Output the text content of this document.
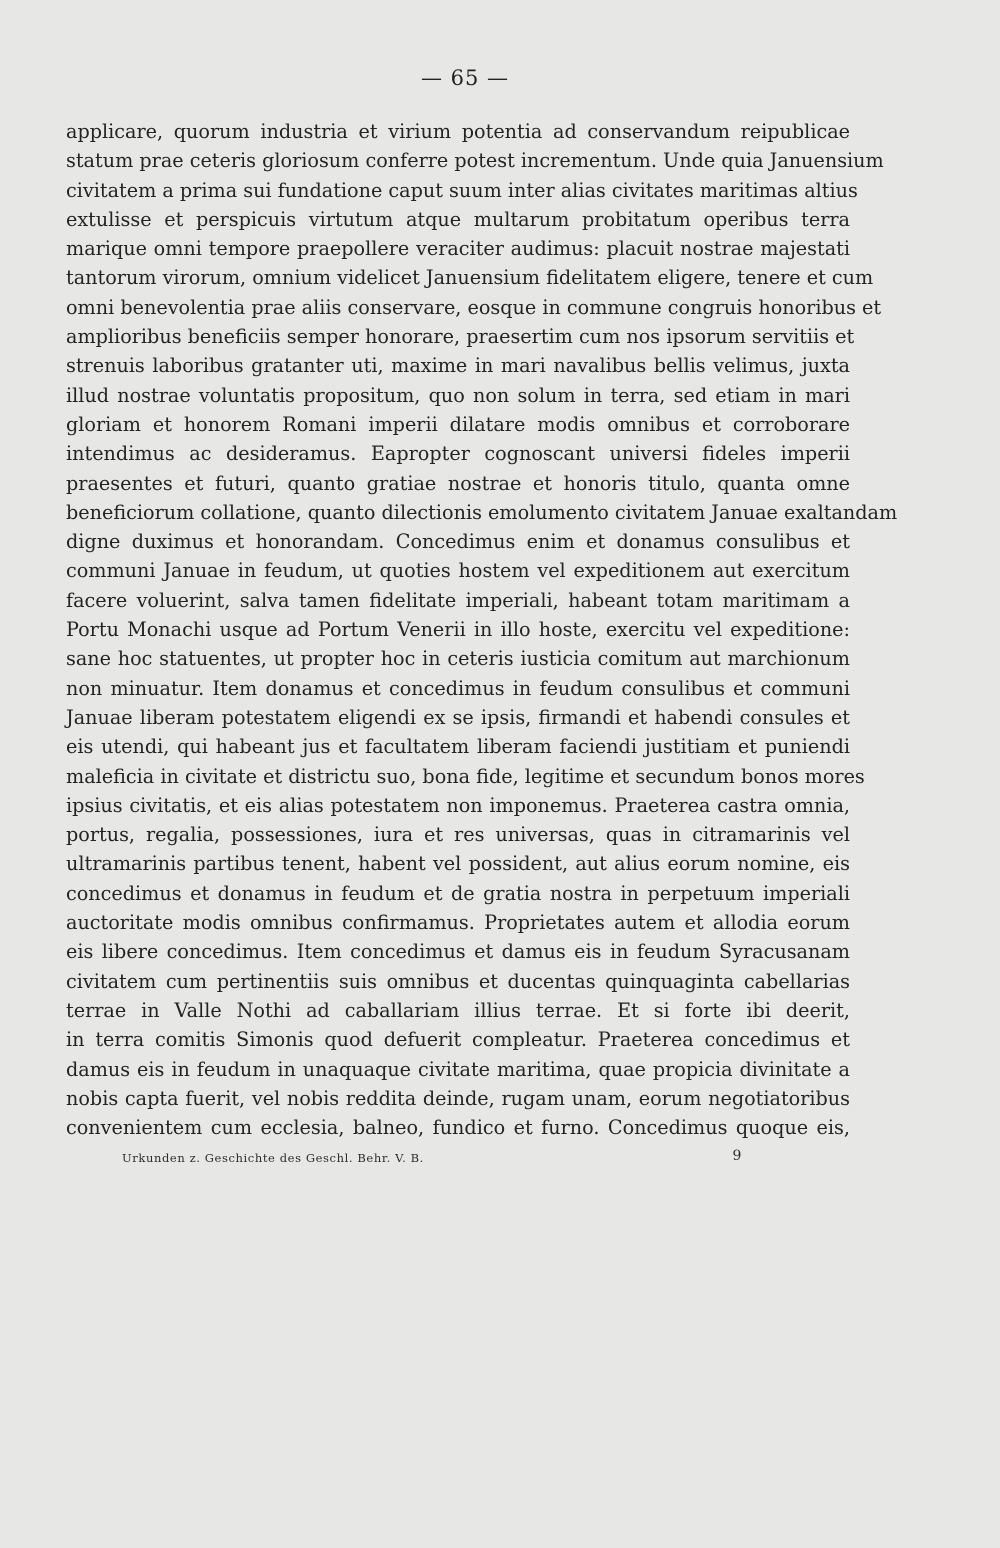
— 65 —
applicare, quorum industria et virium potentia ad conservandum reipublicae
statum prae ceteris gloriosum conferre potest incrementum. Unde quia Januensium
civitatem a prima sui fundatione caput suum inter alias civitates maritimas altius
extulisse et perspicuis virtutum atque multarum probitatum operibus terra
marique omni tempore praepollere veraciter audimus: placuit nostrae majestati
tantorum virorum, omnium videlicet Januensium fidelitatem eligere, tenere et cum
omni benevolentia prae aliis conservare, eosque in commune congruis honoribus et
amplioribus beneficiis semper honorare, praesertim cum nos ipsorum servitiis et
strenuis laboribus gratanter uti, maxime in mari navalibus bellis velimus, juxta
illud nostrae voluntatis propositum, quo non solum in terra, sed etiam in mari
gloriam et honorem Romani imperii dilatare modis omnibus et corroborare
intendimus ac desideramus. Eapropter cognoscant universi fideles imperii
praesentes et futuri, quanto gratiae nostrae et honoris titulo, quanta omne
beneficiorum collatione, quanto dilectionis emolumento civitatem Januae exaltandam
digne duximus et honorandam. Concedimus enim et donamus consulibus et
communi Januae in feudum, ut quoties hostem vel expeditionem aut exercitum
facere voluerint, salva tamen fidelitate imperiali, habeant totam maritimam a
Portu Monachi usque ad Portum Venerii in illo hoste, exercitu vel expeditione:
sane hoc statuentes, ut propter hoc in ceteris iusticia comitum aut marchionum
non minuatur. Item donamus et concedimus in feudum consulibus et communi
Januae liberam potestatem eligendi ex se ipsis, firmandi et habendi consules et
eis utendi, qui habeant jus et facultatem liberam faciendi justitiam et puniendi
maleficia in civitate et districtu suo, bona fide, legitime et secundum bonos mores
ipsius civitatis, et eis alias potestatem non imponemus. Praeterea castra omnia,
portus, regalia, possessiones, iura et res universas, quas in citramarinis vel
ultramarinis partibus tenent, habent vel possident, aut alius eorum nomine, eis
concedimus et donamus in feudum et de gratia nostra in perpetuum imperiali
auctoritate modis omnibus confirmamus. Proprietates autem et allodia eorum
eis libere concedimus. Item concedimus et damus eis in feudum Syracusanam
civitatem cum pertinentiis suis omnibus et ducentas quinquaginta cabellarias
terrae in Valle Nothi ad caballariam illius terrae. Et si forte ibi deerit,
in terra comitis Simonis quod defuerit compleatur. Praeterea concedimus et
damus eis in feudum in unaquaque civitate maritima, quae propicia divinitate a
nobis capta fuerit, vel nobis reddita deinde, rugam unam, eorum negotiatoribus
convenientem cum ecclesia, balneo, fundico et furno. Concedimus quoque eis,
Urkunden z. Geschichte des Geschl. Behr. V. B.	9
